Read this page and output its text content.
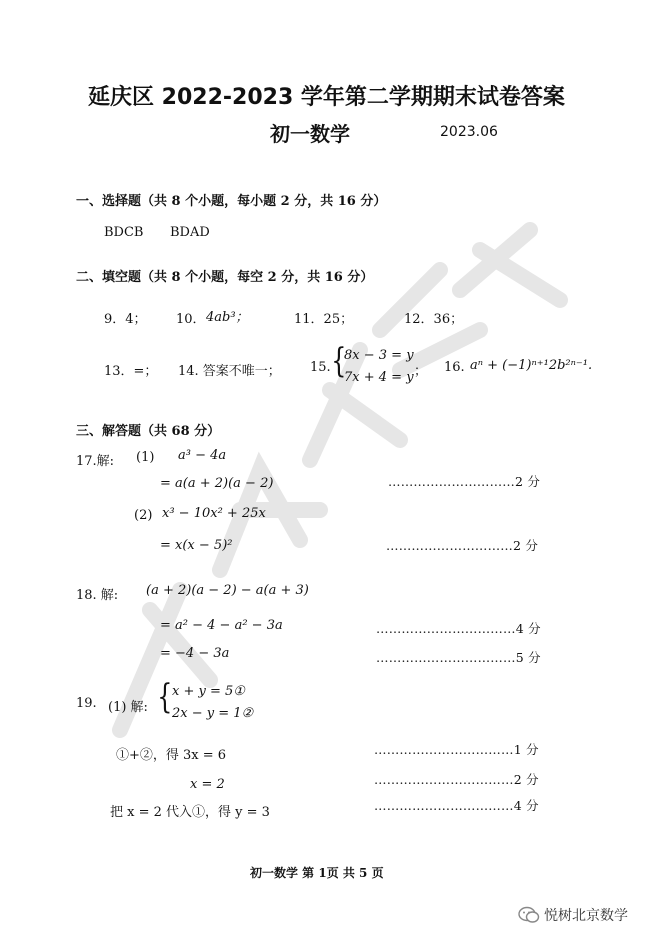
延庆区 2022-2023 学年第二学期期末试卷答案
初一数学	2023.06
一、选择题（共 8 个小题，每小题 2 分，共 16 分）
BDCB BDAD
二、填空题（共 8 个小题，每空 2 分，共 16 分）
9．4； 10． 4ab³；	11．25；	12．36；
13．=； 14. 答案不唯一； 15. {
8x − 3 = y
7x + 4 = y ； 16. aⁿ + (−1)ⁿ⁺¹2b²ⁿ⁻¹.
三、解答题（共 68 分）
17.解: (1) a³ − 4a
= a(a + 2)(a − 2)	…………………………2 分
(2) x³ − 10x² + 25x
= x(x − 5)²	…………………………2 分
18. 解: (a + 2)(a − 2) − a(a + 3)
= a² − 4 − a² − 3a	……………………………4 分
= −4 − 3a	……………………………5 分
19. (1) 解: { x + y = 5①
2x − y = 1②
①+②，得 3x = 6	……………………………1 分
x = 2	……………………………2 分
把 x = 2 代入①，得 y = 3	……………………………4 分
初一数学 第 1页 共 5 页
悦树北京数学
